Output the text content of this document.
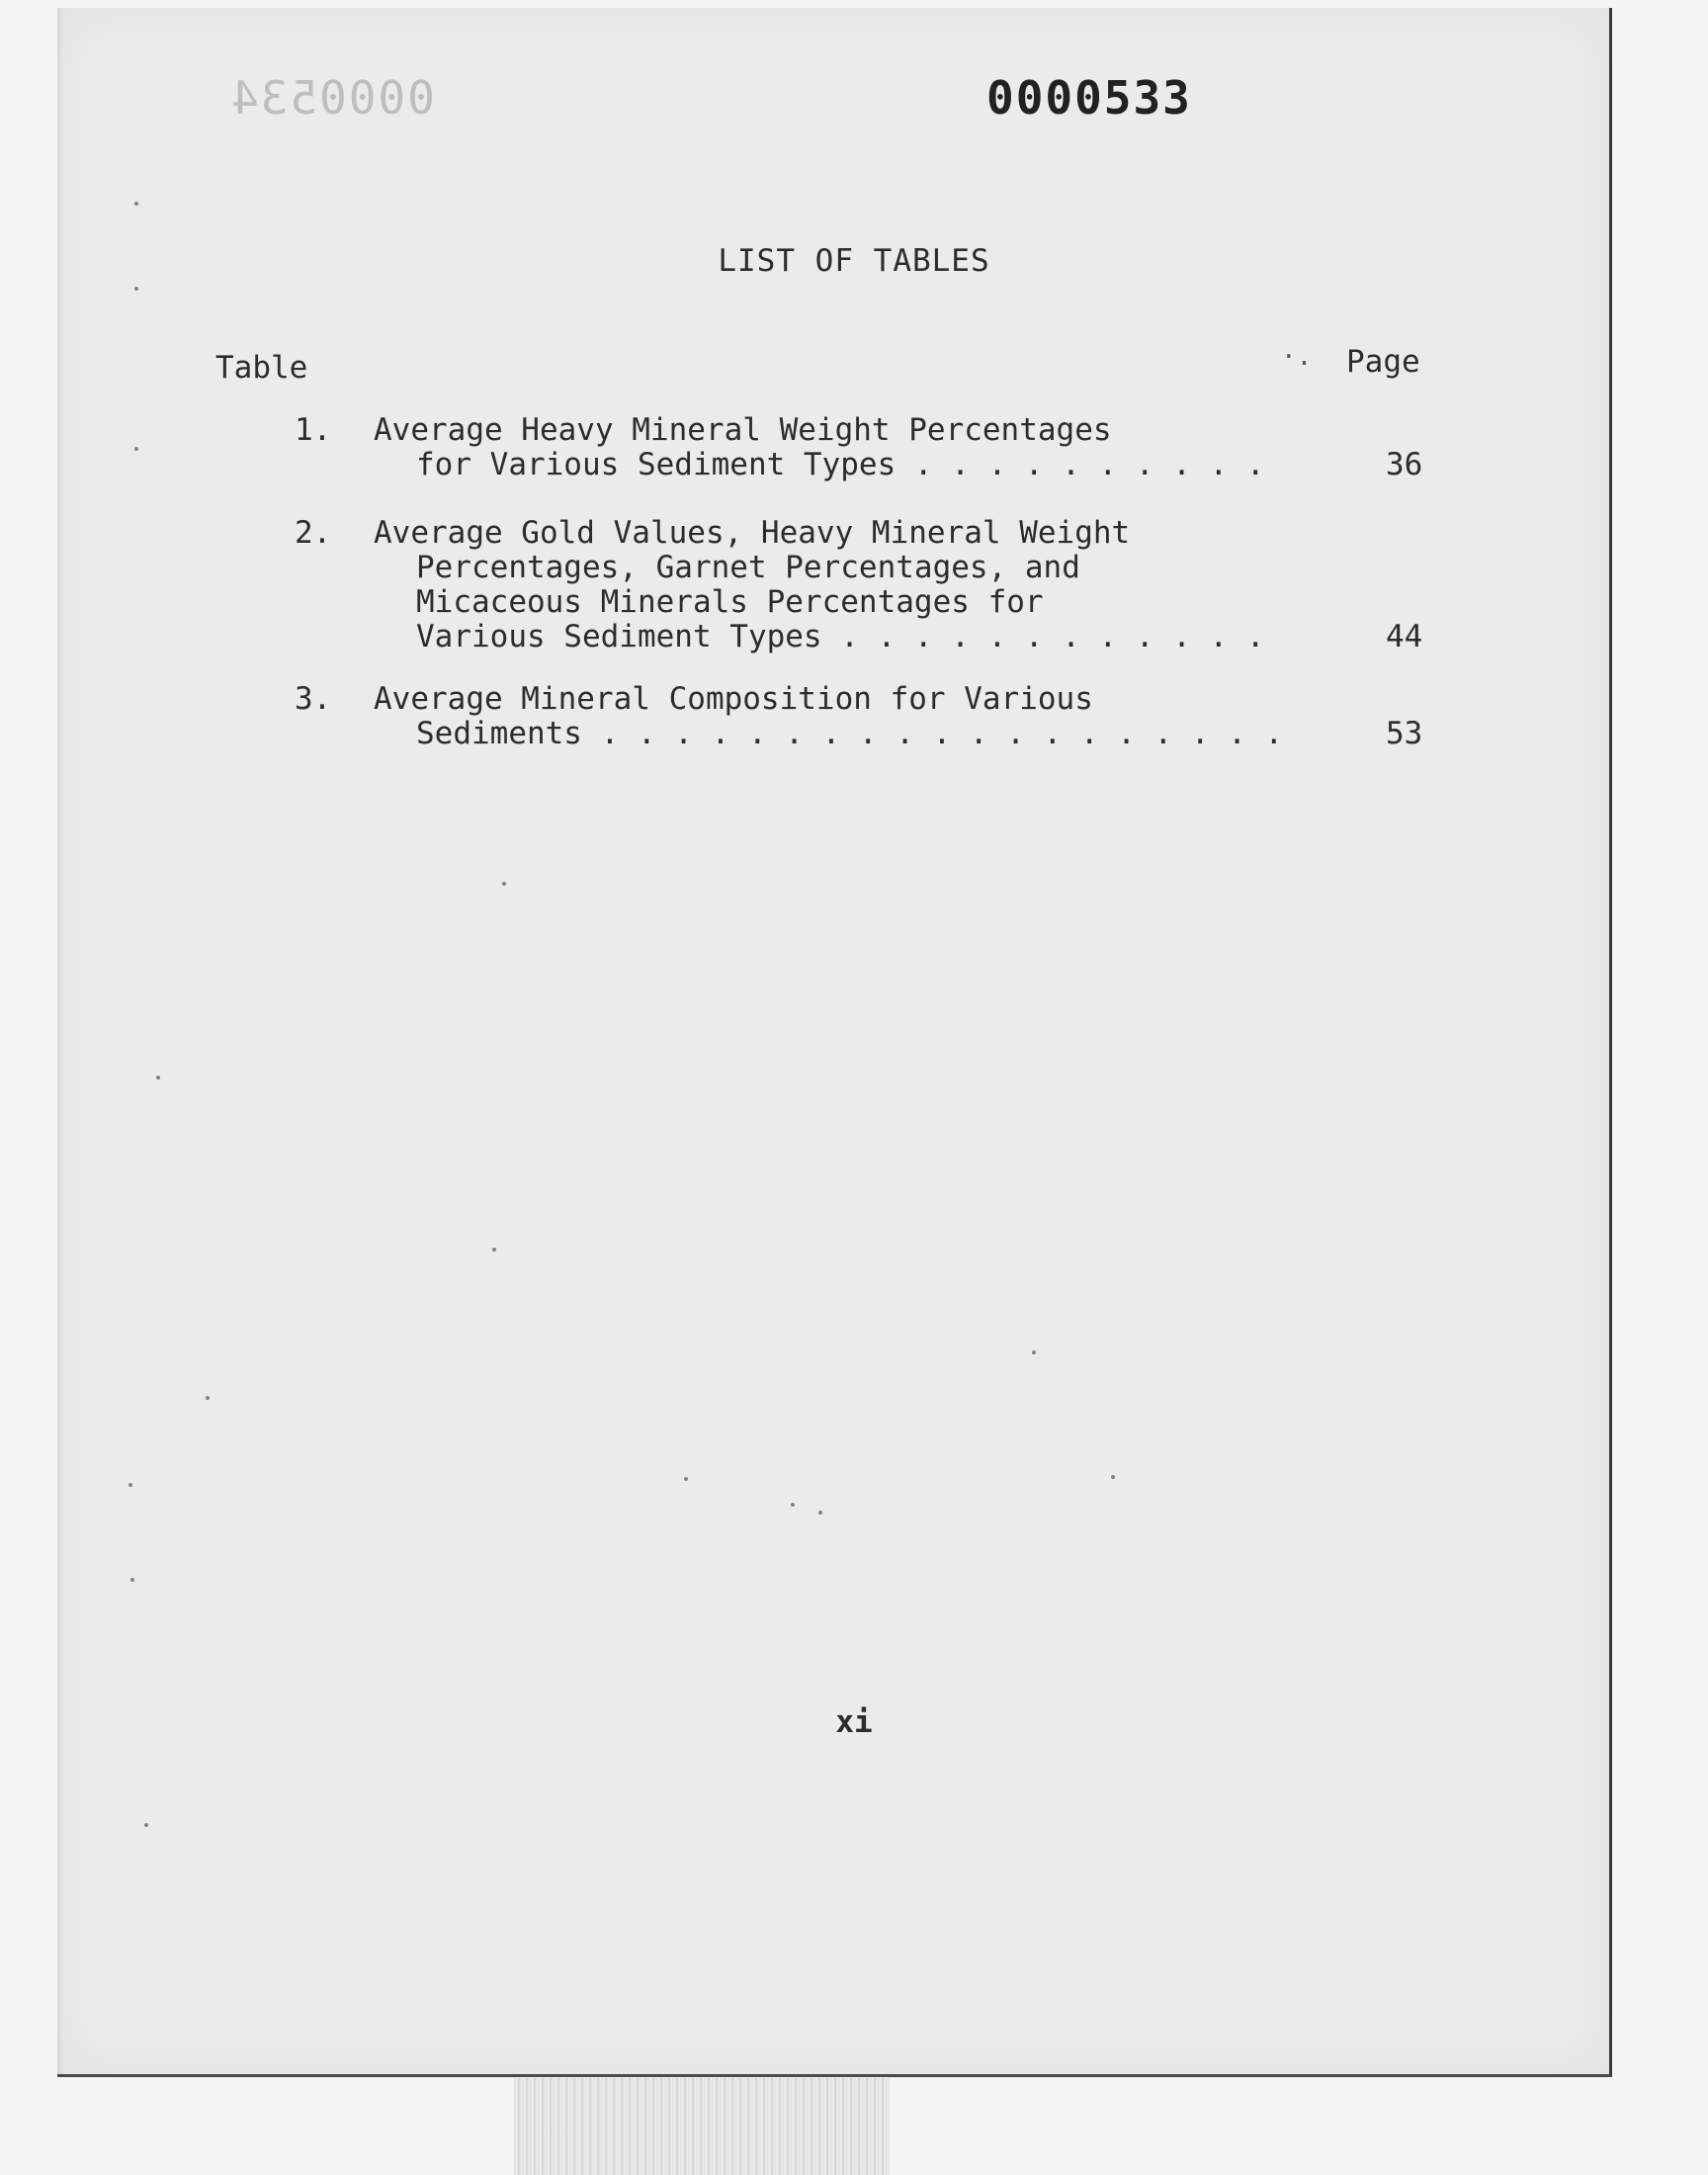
0000534	0000533
LIST OF TABLES
Table	·. Page
1. Average Heavy Mineral Weight Percentages
for Various Sediment Types . . . . . . . . . .	36
2. Average Gold Values, Heavy Mineral Weight
Percentages, Garnet Percentages, and
Micaceous Minerals Percentages for
Various Sediment Types . . . . . . . . . . . .	44
3. Average Mineral Composition for Various
Sediments . . . . . . . . . . . . . . . . . . .	53
xi
